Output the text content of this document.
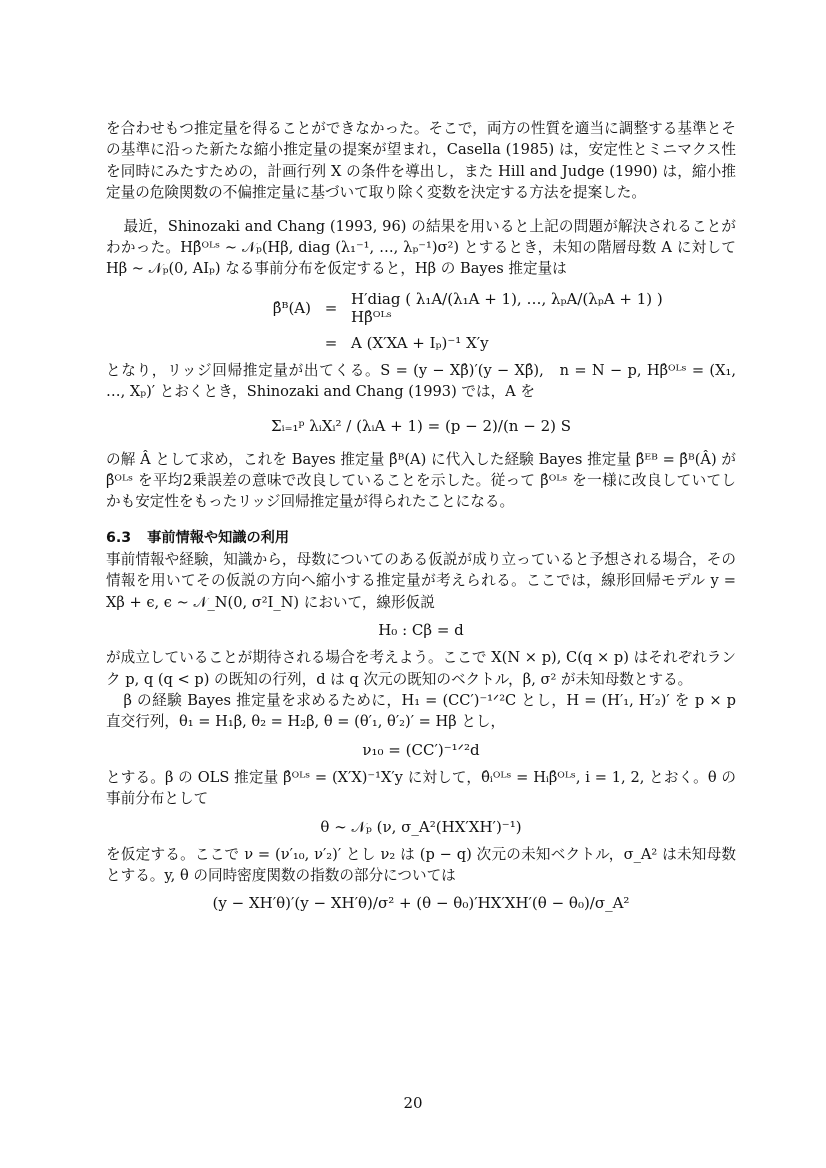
を合わせもつ推定量を得ることができなかった。そこで，両方の性質を適当に調整する基準とその基準に沿った新たな縮小推定量の提案が望まれ，Casella (1985) は，安定性とミニマクス性を同時にみたすための，計画行列 X の条件を導出し，また Hill and Judge (1990) は，縮小推定量の危険関数の不偏推定量に基づいて取り除く変数を決定する方法を提案した。

最近，Shinozaki and Chang (1993, 96) の結果を用いると上記の問題が解決されることがわかった。Hβ̂ᴼᴸˢ ∼ 𝒩ₚ(Hβ, diag (λ₁⁻¹, …, λₚ⁻¹)σ²) とするとき，未知の階層母数 A に対して Hβ ∼ 𝒩ₚ(0, AIₚ) なる事前分布を仮定すると，Hβ の Bayes 推定量は

β̂ᴮ(A) = H′diag ( λ₁A/(λ₁A + 1), …, λₚA/(λₚA + 1) ) Hβ̂ᴼᴸˢ
= A (X′XA + Iₚ)⁻¹ X′y

となり，リッジ回帰推定量が出てくる。S = (y − Xβ̂)′(y − Xβ̂),　n = N − p, Hβ̂ᴼᴸˢ = (X₁, …, Xₚ)′ とおくとき，Shinozaki and Chang (1993) では，A を

Σᵢ₌₁ᵖ λᵢXᵢ² / (λᵢA + 1) = (p − 2)/(n − 2) S

の解 Â として求め，これを Bayes 推定量 β̂ᴮ(A) に代入した経験 Bayes 推定量 β̂ᴱᴮ = β̂ᴮ(Â) が β̂ᴼᴸˢ を平均2乗誤差の意味で改良していることを示した。従って β̂ᴼᴸˢ を一様に改良していてしかも安定性をもったリッジ回帰推定量が得られたことになる。

6.3 事前情報や知識の利用

事前情報や経験，知識から，母数についてのある仮説が成り立っていると予想される場合，その情報を用いてその仮説の方向へ縮小する推定量が考えられる。ここでは，線形回帰モデル y = Xβ + ϵ, ϵ ∼ 𝒩_N(0, σ²I_N) において，線形仮説

H₀ : Cβ = d

が成立していることが期待される場合を考えよう。ここで X(N × p), C(q × p) はそれぞれランク p, q (q < p) の既知の行列，d は q 次元の既知のベクトル，β, σ² が未知母数とする。

β の経験 Bayes 推定量を求めるために，H₁ = (CC′)⁻¹ᐟ²C とし，H = (H′₁, H′₂)′ を p × p 直交行列，θ₁ = H₁β, θ₂ = H₂β, θ = (θ′₁, θ′₂)′ = Hβ とし，

ν₁₀ = (CC′)⁻¹ᐟ²d

とする。β の OLS 推定量 β̂ᴼᴸˢ = (X′X)⁻¹X′y に対して，θ̂ᵢᴼᴸˢ = Hᵢβ̂ᴼᴸˢ, i = 1, 2, とおく。θ の事前分布として

θ ∼ 𝒩ₚ (ν, σ_A²(HX′XH′)⁻¹)

を仮定する。ここで ν = (ν′₁₀, ν′₂)′ とし ν₂ は (p − q) 次元の未知ベクトル，σ_A² は未知母数とする。y, θ の同時密度関数の指数の部分については

(y − XH′θ)′(y − XH′θ)/σ² + (θ − θ₀)′HX′XH′(θ − θ₀)/σ_A²
20
